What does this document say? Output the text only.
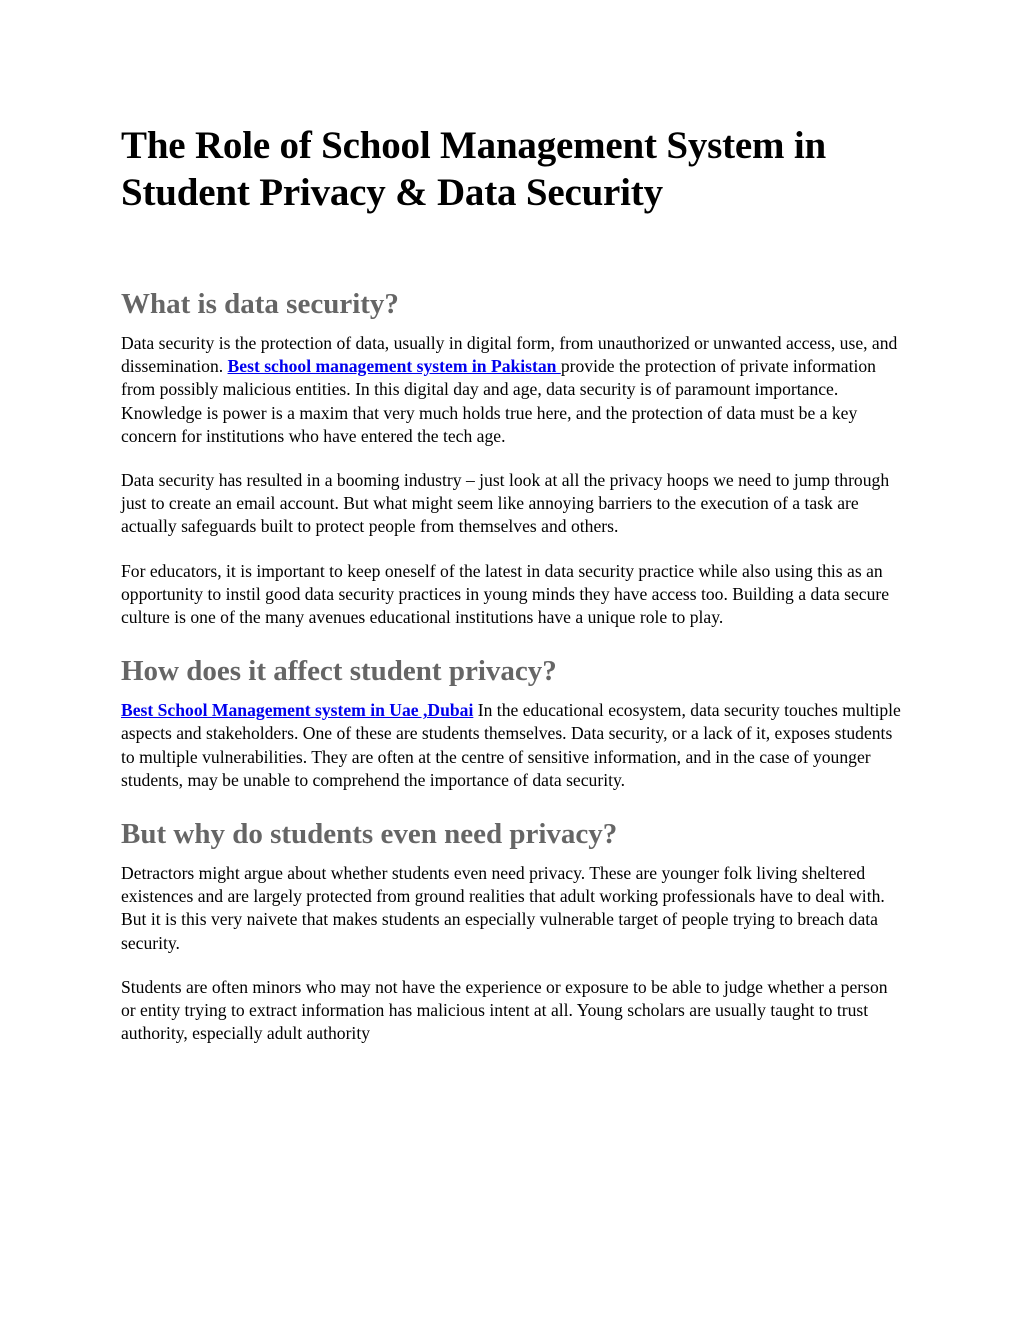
The Role of School Management System in Student Privacy & Data Security
What is data security?

Data security is the protection of data, usually in digital form, from unauthorized or unwanted access, use, and dissemination. Best school management system in Pakistan provide the protection of private information from possibly malicious entities. In this digital day and age, data security is of paramount importance. Knowledge is power is a maxim that very much holds true here, and the protection of data must be a key concern for institutions who have entered the tech age.

Data security has resulted in a booming industry – just look at all the privacy hoops we need to jump through just to create an email account. But what might seem like annoying barriers to the execution of a task are actually safeguards built to protect people from themselves and others.

For educators, it is important to keep oneself of the latest in data security practice while also using this as an opportunity to instil good data security practices in young minds they have access too. Building a data secure culture is one of the many avenues educational institutions have a unique role to play.

How does it affect student privacy?

Best School Management system in Uae ,Dubai In the educational ecosystem, data security touches multiple aspects and stakeholders. One of these are students themselves. Data security, or a lack of it, exposes students to multiple vulnerabilities. They are often at the centre of sensitive information, and in the case of younger students, may be unable to comprehend the importance of data security.

But why do students even need privacy?

Detractors might argue about whether students even need privacy. These are younger folk living sheltered existences and are largely protected from ground realities that adult working professionals have to deal with. But it is this very naivete that makes students an especially vulnerable target of people trying to breach data security.

Students are often minors who may not have the experience or exposure to be able to judge whether a person or entity trying to extract information has malicious intent at all. Young scholars are usually taught to trust authority, especially adult authority
